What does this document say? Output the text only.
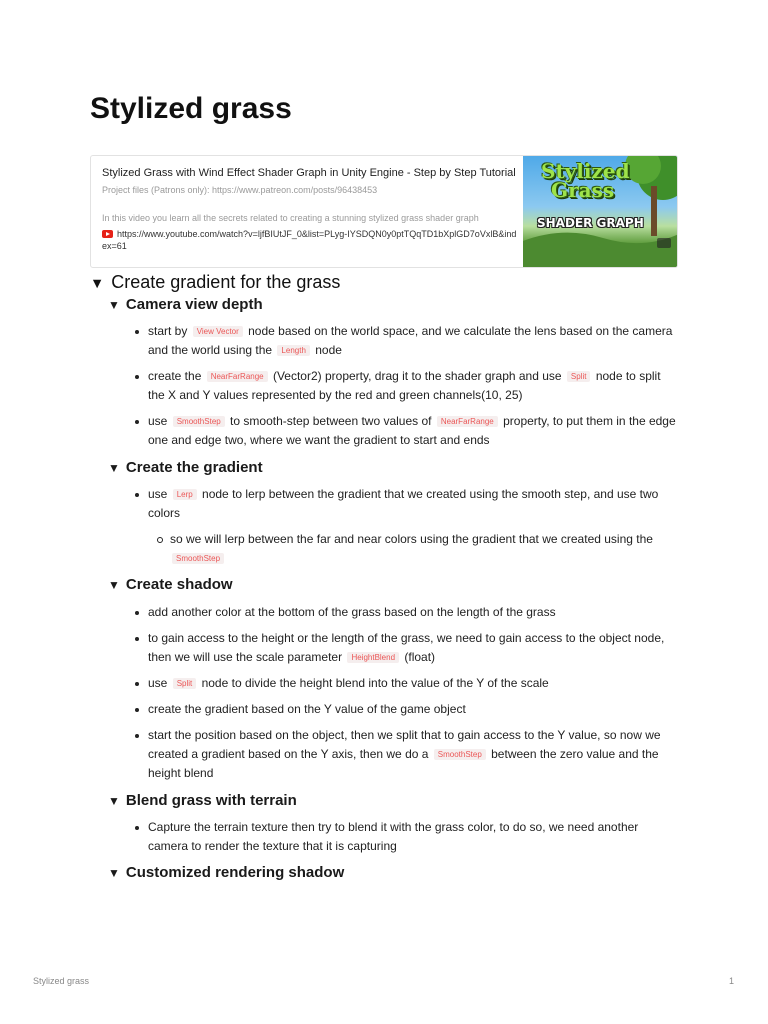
Stylized grass
Stylized Grass with Wind Effect Shader Graph in Unity Engine - Step by Step Tutorial
Project files (Patrons only): https://www.patreon.com/posts/96438453
In this video you learn all the secrets related to creating a stunning stylized grass shader graph
https://www.youtube.com/watch?v=ljfBIUtJF_0&list=PLyg-IYSDQN0y0ptTQqTD1bXplGD7oVxlB&index=61
Stylized
Grass
SHADER GRAPH
▼ Create gradient for the grass
▼ Camera view depth
start by View Vector node based on the world space, and we calculate the lens based on the camera and the world using the Length node
create the NearFarRange (Vector2) property, drag it to the shader graph and use Split node to split the X and Y values represented by the red and green channels(10, 25)
use SmoothStep to smooth-step between two values of NearFarRange property, to put them in the edge one and edge two, where we want the gradient to start and ends
▼ Create the gradient
use Lerp node to lerp between the gradient that we created using the smooth step, and use two colors
so we will lerp between the far and near colors using the gradient that we created using the SmoothStep
▼ Create shadow
add another color at the bottom of the grass based on the length of the grass
to gain access to the height or the length of the grass, we need to gain access to the object node, then we will use the scale parameter HeightBlend (float)
use Split node to divide the height blend into the value of the Y of the scale
create the gradient based on the Y value of the game object
start the position based on the object, then we split that to gain access to the Y value, so now we created a gradient based on the Y axis, then we do a SmoothStep between the zero value and the height blend
▼ Blend grass with terrain
Capture the terrain texture then try to blend it with the grass color, to do so, we need another camera to render the texture that it is capturing
▼ Customized rendering shadow
Stylized grass	1
